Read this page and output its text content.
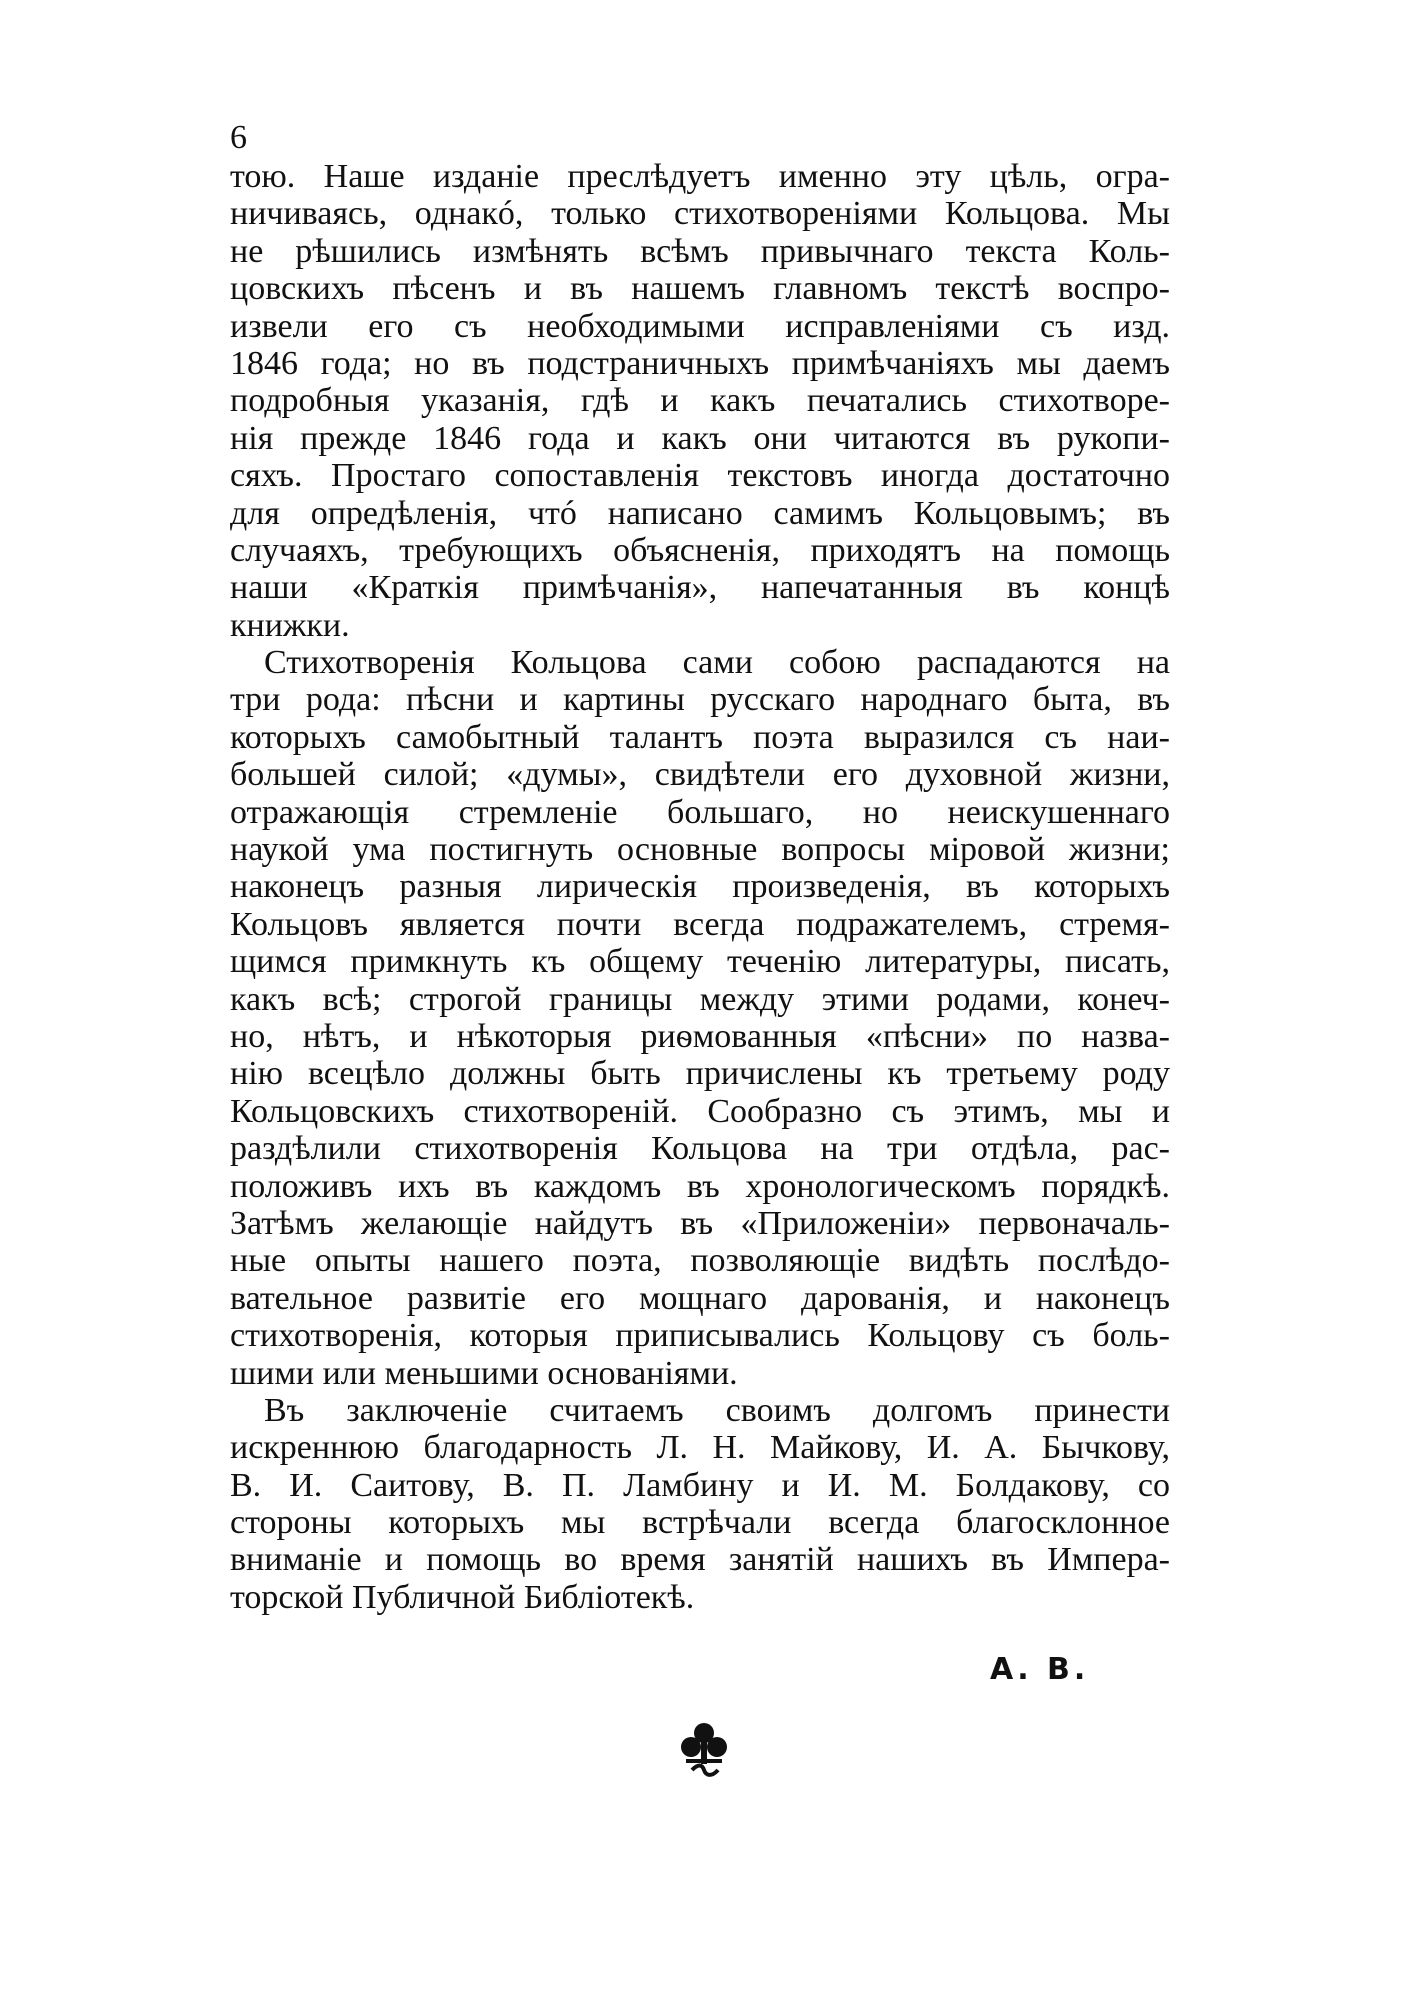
6
тою. Наше изданіе преслѣдуетъ именно эту цѣль, огра-
ничиваясь, однакó, только стихотвореніями Кольцова. Мы
не рѣшились измѣнять всѣмъ привычнаго текста Коль-
цовскихъ пѣсенъ и въ нашемъ главномъ текстѣ воспро-
извели его съ необходимыми исправленіями съ изд.
1846 года; но въ подстраничныхъ примѣчаніяхъ мы даемъ
подробныя указанія, гдѣ и какъ печатались стихотворе-
нія прежде 1846 года и какъ они читаются въ рукопи-
сяхъ. Простаго сопоставленія текстовъ иногда достаточно
для опредѣленія, чтó написано самимъ Кольцовымъ; въ
случаяхъ, требующихъ объясненія, приходятъ на помощь
наши «Краткія примѣчанія», напечатанныя въ концѣ
книжки.
Стихотворенія Кольцова сами собою распадаются на
три рода: пѣсни и картины русскаго народнаго быта, въ
которыхъ самобытный талантъ поэта выразился съ наи-
большей силой; «думы», свидѣтели его духовной жизни,
отражающія стремленіе большаго, но неискушеннаго
наукой ума постигнуть основные вопросы міровой жизни;
наконецъ разныя лирическія произведенія, въ которыхъ
Кольцовъ является почти всегда подражателемъ, стремя-
щимся примкнуть къ общему теченію литературы, писать,
какъ всѣ; строгой границы между этими родами, конеч-
но, нѣтъ, и нѣкоторыя риѳмованныя «пѣсни» по назва-
нію всецѣло должны быть причислены къ третьему роду
Кольцовскихъ стихотвореній. Сообразно съ этимъ, мы и
раздѣлили стихотворенія Кольцова на три отдѣла, рас-
положивъ ихъ въ каждомъ въ хронологическомъ порядкѣ.
Затѣмъ желающіе найдутъ въ «Приложеніи» первоначаль-
ные опыты нашего поэта, позволяющіе видѣть послѣдо-
вательное развитіе его мощнаго дарованія, и наконецъ
стихотворенія, которыя приписывались Кольцову съ боль-
шими или меньшими основаніями.
Въ заключеніе считаемъ своимъ долгомъ принести
искреннюю благодарность Л. Н. Майкову, И. А. Бычкову,
В. И. Саитову, В. П. Ламбину и И. М. Болдакову, со
стороны которыхъ мы встрѣчали всегда благосклонное
вниманіе и помощь во время занятій нашихъ въ Импера-
торской Публичной Библіотекѣ.
А. В.
